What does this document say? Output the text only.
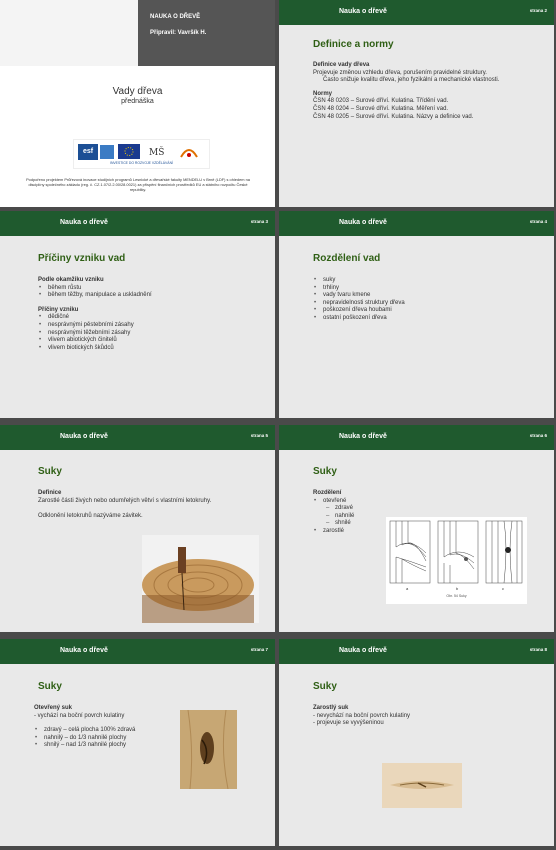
NAUKA O DŘEVĚ
Připravil: Vavršík H.
Vady dřeva
přednáška
esf	MŠ
INVESTICE DO ROZVOJE VZDĚLÁVÁNÍ
Podpořeno projektem Průřezová inovace studijních programů Lesnické a dřevařské fakulty MENDELU v Brně (LDF) s ohledem na disciplíny společného základu (reg. č. CZ.1.07/2.2.00/28.0021) za přispění finančních prostředků EU a státního rozpočtu České republiky.
Nauka o dřevě	strana 2
Definice a normy
Definice vady dřeva
Projevuje změnou vzhledu dřeva, porušením pravidelné struktury.
Často snižuje kvalitu dřeva, jeho fyzikální a mechanické vlastnosti.
Normy
ČSN 48 0203 – Surové dříví. Kulatina. Třídění vad.
ČSN 48 0204 – Surové dříví. Kulatina. Měření vad.
ČSN 48 0205 – Surové dříví. Kulatina. Názvy a definice vad.
Nauka o dřevě	strana 3
Příčiny vzniku vad
Podle okamžiku vzniku
• během růstu
• během těžby, manipulace a uskladnění
Příčiny vzniku
• dědičné
• nesprávnými pěstebními zásahy
• nesprávnými těžebními zásahy
• vlivem abiotických činitelů
• vlivem biotických škůdců
Nauka o dřevě	strana 4
Rozdělení vad
• suky
• trhliny
• vady tvaru kmene
• nepravidelnosti struktury dřeva
• poškození dřeva houbami
• ostatní poškození dřeva
Nauka o dřevě	strana 5
Suky
Definice
Zarostlé části živých nebo odumřelých větví s vlastními letokruhy.
Odklonění letokruhů nazýváme závitek.
Nauka o dřevě	strana 6
Suky
Rozdělení
• otevřené
– zdravé
– nahnilé
– shnilé
• zarostlé
a	b	c
Obr. 54 Suky
Nauka o dřevě	strana 7
Suky
Otevřený suk
- vychází na boční povrch kulatiny
• zdravý – celá plocha 100% zdravá
• nahnilý – do 1/3 nahnilé plochy
• shnilý – nad 1/3 nahnilé plochy
Nauka o dřevě	strana 8
Suky
Zarostlý suk
- nevychází na boční povrch kulatiny
- projevuje se vyvýšeninou
